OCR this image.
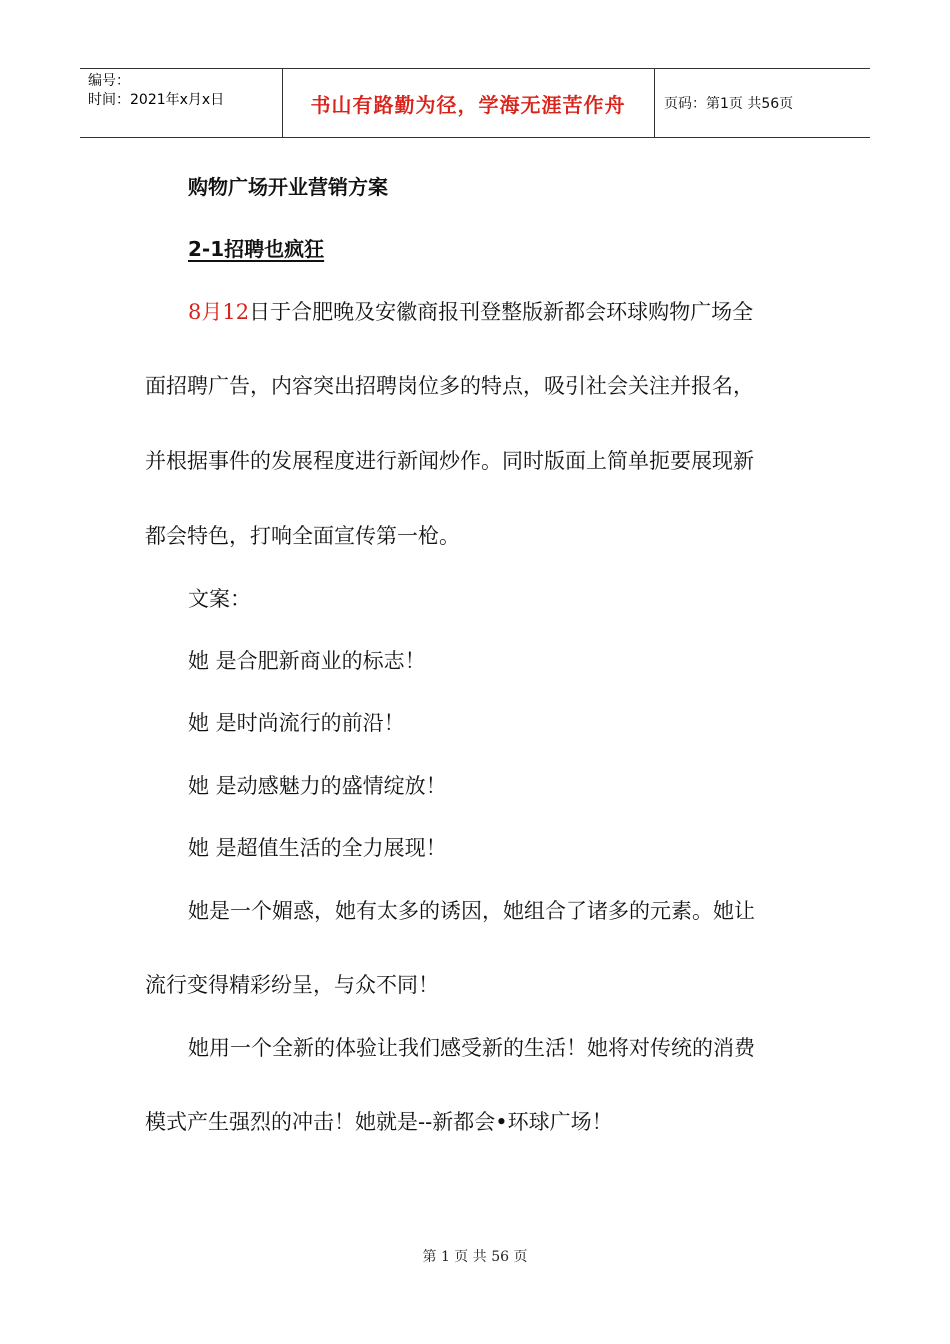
编号：
时间：2021年x月x日	书山有路勤为径，学海无涯苦作舟	页码：第1页 共56页
购物广场开业营销方案
2-1招聘也疯狂
8月12日于合肥晚及安徽商报刊登整版新都会环球购物广场全
面招聘广告，内容突出招聘岗位多的特点，吸引社会关注并报名，
并根据事件的发展程度进行新闻炒作。同时版面上简单扼要展现新
都会特色，打响全面宣传第一枪。
文案：
她 是合肥新商业的标志！
她 是时尚流行的前沿！
她 是动感魅力的盛情绽放！
她 是超值生活的全力展现！
她是一个媚惑，她有太多的诱因，她组合了诸多的元素。她让
流行变得精彩纷呈，与众不同！
她用一个全新的体验让我们感受新的生活！她将对传统的消费
模式产生强烈的冲击！她就是--新都会•环球广场！
第 1 页 共 56 页
